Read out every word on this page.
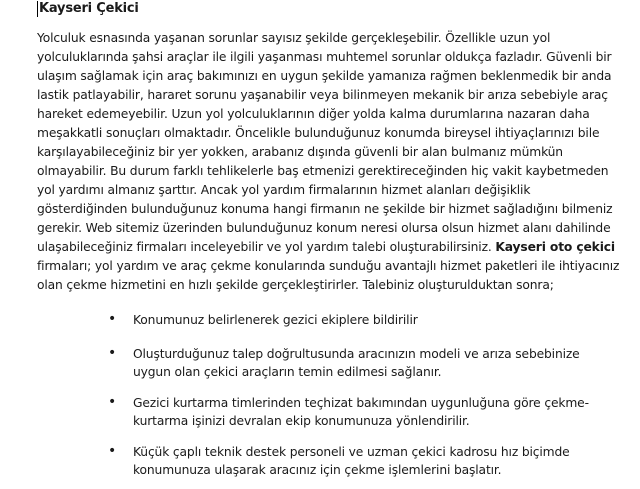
Kayseri Çekici
Yolculuk esnasında yaşanan sorunlar sayısız şekilde gerçekleşebilir. Özellikle uzun yol
yolculuklarında şahsi araçlar ile ilgili yaşanması muhtemel sorunlar oldukça fazladır. Güvenli bir
ulaşım sağlamak için araç bakımınızı en uygun şekilde yamanıza rağmen beklenmedik bir anda
lastik patlayabilir, hararet sorunu yaşanabilir veya bilinmeyen mekanik bir arıza sebebiyle araç
hareket edemeyebilir. Uzun yol yolculuklarının diğer yolda kalma durumlarına nazaran daha
meşakkatli sonuçları olmaktadır. Öncelikle bulunduğunuz konumda bireysel ihtiyaçlarınızı bile
karşılayabileceğiniz bir yer yokken, arabanız dışında güvenli bir alan bulmanız mümkün
olmayabilir. Bu durum farklı tehlikelerle baş etmenizi gerektireceğinden hiç vakit kaybetmeden
yol yardımı almanız şarttır. Ancak yol yardım firmalarının hizmet alanları değişiklik
gösterdiğinden bulunduğunuz konuma hangi firmanın ne şekilde bir hizmet sağladığını bilmeniz
gerekir. Web sitemiz üzerinden bulunduğunuz konum neresi olursa olsun hizmet alanı dahilinde
ulaşabileceğiniz firmaları inceleyebilir ve yol yardım talebi oluşturabilirsiniz. Kayseri oto çekici
firmaları; yol yardım ve araç çekme konularında sunduğu avantajlı hizmet paketleri ile ihtiyacınız
olan çekme hizmetini en hızlı şekilde gerçekleştirirler. Talebiniz oluşturulduktan sonra;
• Konumunuz belirlenerek gezici ekiplere bildirilir
• Oluşturduğunuz talep doğrultusunda aracınızın modeli ve arıza sebebinize
uygun olan çekici araçların temin edilmesi sağlanır.
• Gezici kurtarma timlerinden teçhizat bakımından uygunluğuna göre çekme-
kurtarma işinizi devralan ekip konumunuza yönlendirilir.
• Küçük çaplı teknik destek personeli ve uzman çekici kadrosu hız biçimde
konumunuza ulaşarak aracınız için çekme işlemlerini başlatır.
